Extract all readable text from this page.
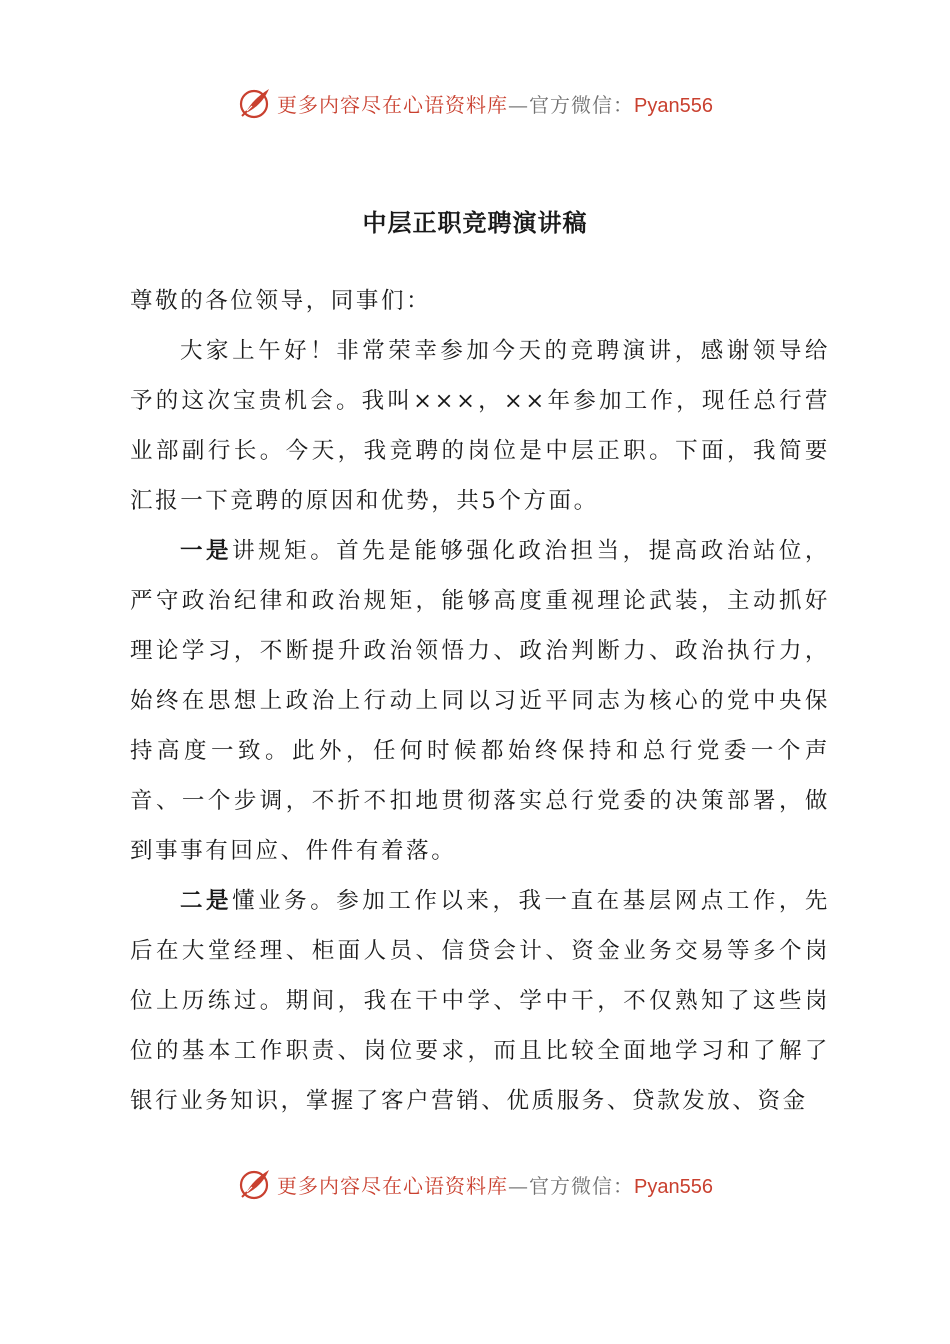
更多内容尽在心语资料库—官方微信：Pyan556
中层正职竞聘演讲稿

尊敬的各位领导，同事们：

大家上午好！非常荣幸参加今天的竞聘演讲，感谢领导给予的这次宝贵机会。我叫×××，××年参加工作，现任总行营业部副行长。今天，我竞聘的岗位是中层正职。下面，我简要汇报一下竞聘的原因和优势，共5个方面。

一是讲规矩。首先是能够强化政治担当，提高政治站位，严守政治纪律和政治规矩，能够高度重视理论武装，主动抓好理论学习，不断提升政治领悟力、政治判断力、政治执行力，始终在思想上政治上行动上同以习近平同志为核心的党中央保持高度一致。此外，任何时候都始终保持和总行党委一个声音、一个步调，不折不扣地贯彻落实总行党委的决策部署，做到事事有回应、件件有着落。

二是懂业务。参加工作以来，我一直在基层网点工作，先后在大堂经理、柜面人员、信贷会计、资金业务交易等多个岗位上历练过。期间，我在干中学、学中干，不仅熟知了这些岗位的基本工作职责、岗位要求，而且比较全面地学习和了解了银行业务知识，掌握了客户营销、优质服务、贷款发放、资金

更多内容尽在心语资料库—官方微信：Pyan556
